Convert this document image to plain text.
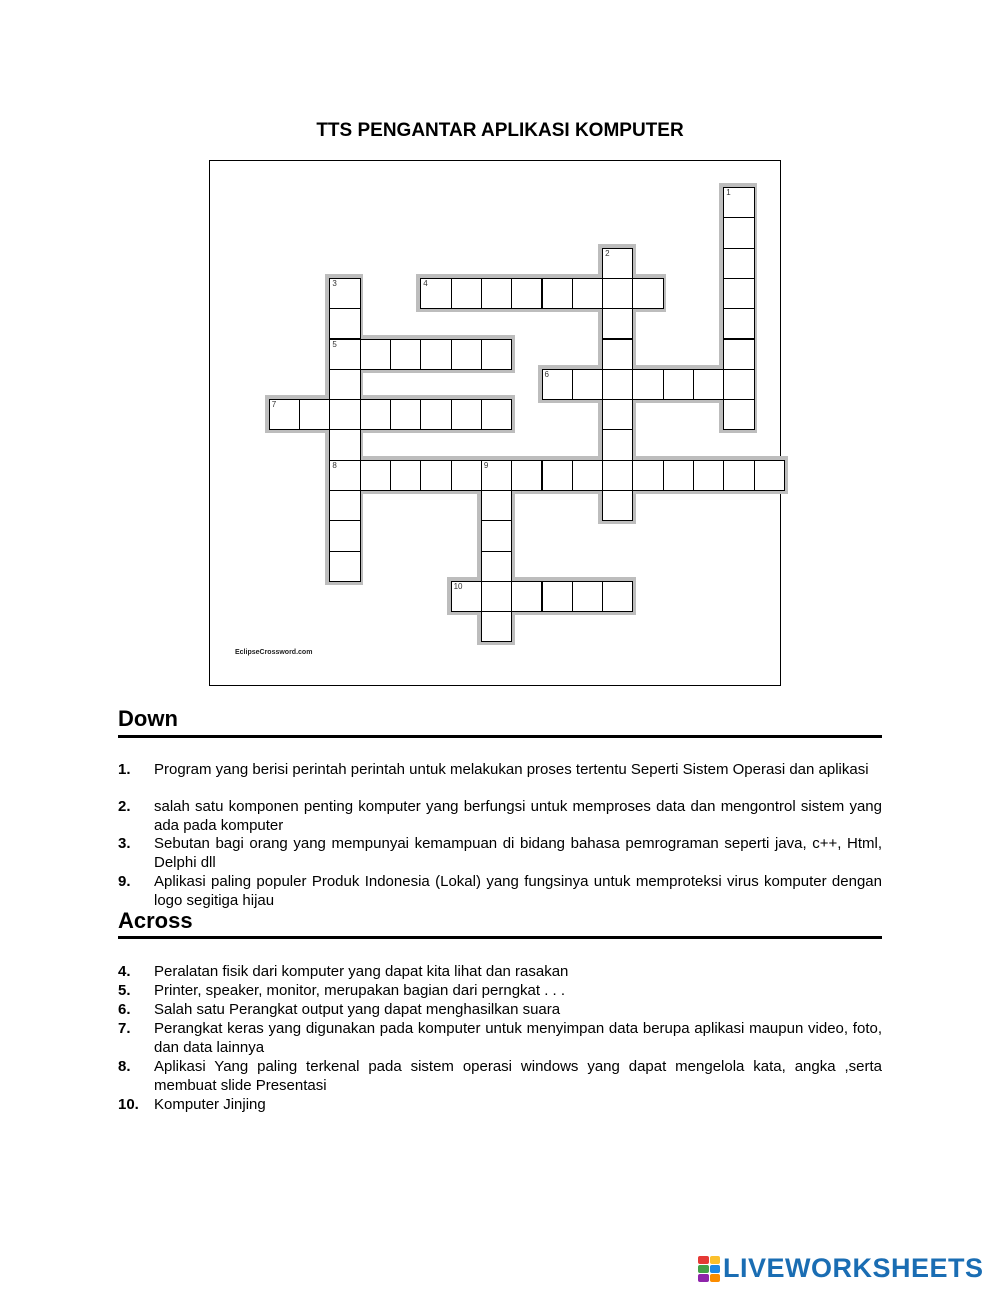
TTS PENGANTAR APLIKASI KOMPUTER
1
2
3
5
8
4
6
7
9
10
EclipseCrossword.com
Down
1. Program yang berisi perintah perintah untuk melakukan proses tertentu Seperti Sistem Operasi dan aplikasi
2. salah satu komponen penting komputer yang berfungsi untuk memproses data dan mengontrol sistem yang ada pada komputer
3. Sebutan bagi orang yang mempunyai kemampuan di bidang bahasa pemrograman seperti java, c++, Html, Delphi dll
9. Aplikasi paling populer Produk Indonesia (Lokal) yang fungsinya untuk memproteksi virus komputer dengan logo segitiga hijau
Across
4. Peralatan fisik dari komputer yang dapat kita lihat dan rasakan
5. Printer, speaker, monitor, merupakan bagian dari perngkat . . .
6. Salah satu Perangkat output yang dapat menghasilkan suara
7. Perangkat keras yang digunakan pada komputer untuk menyimpan data berupa aplikasi maupun video, foto, dan data lainnya
8. Aplikasi Yang paling terkenal pada sistem operasi windows yang dapat mengelola kata, angka ,serta membuat slide Presentasi
10. Komputer Jinjing
LIVEWORKSHEETS
